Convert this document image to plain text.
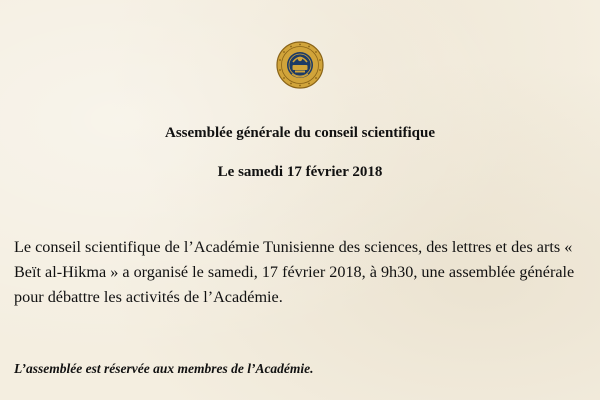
Assemblée générale du conseil scientifique
Le samedi 17 février 2018
Le conseil scientifique de l’Académie Tunisienne des sciences, des lettres et des arts « Beït al-Hikma » a organisé le samedi, 17 février 2018, à 9h30, une assemblée générale pour débattre les activités de l’Académie.
L’assemblée est réservée aux membres de l’Académie.
